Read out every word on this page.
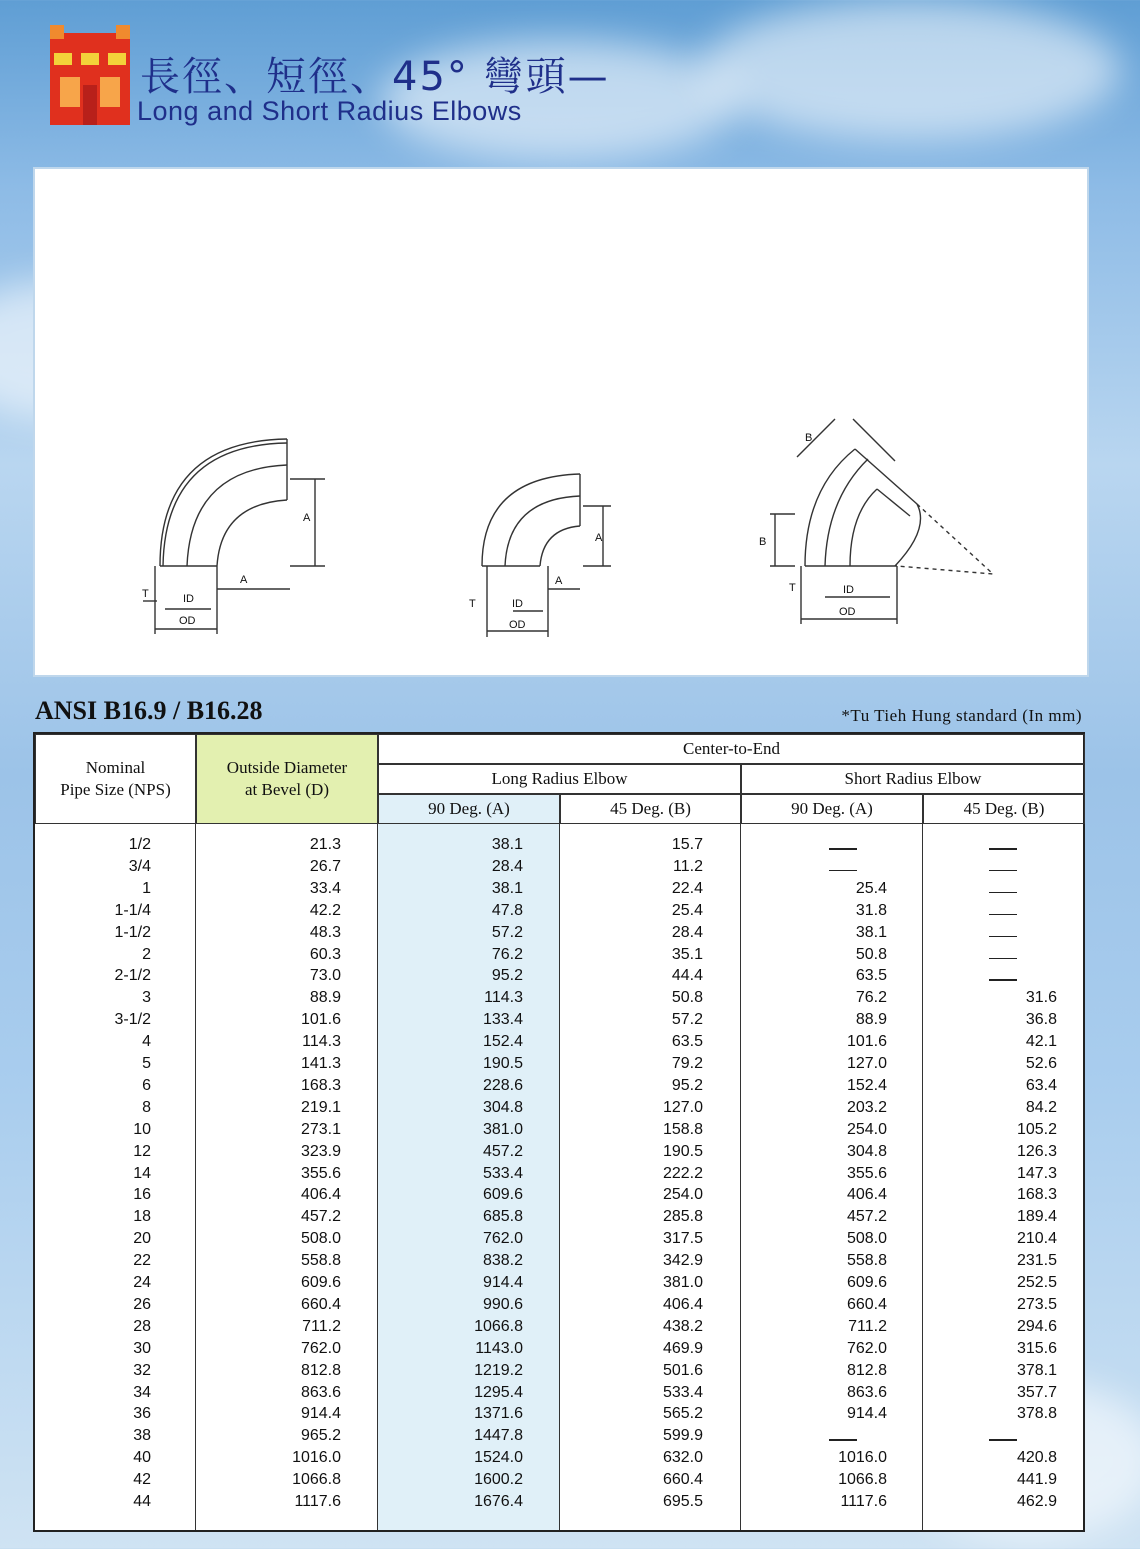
長徑、短徑、45° 彎頭—
Long and Short Radius Elbows
A
A
T	ID
OD
A
A
T	ID
OD
B
B
T	ID
OD
ANSI B16.9 / B16.28	*Tu Tieh Hung standard (In mm)
Nominal
Pipe Size (NPS)
Outside Diameter
at Bevel (D)
Center-to-End
Long Radius Elbow	Short Radius Elbow
90 Deg. (A)	45 Deg. (B)	90 Deg. (A)	45 Deg. (B)
1/2	21.3	38.1	15.7
3/4	26.7	28.4	11.2
1	33.4	38.1	22.4	25.4
1-1/4	42.2	47.8	25.4	31.8
1-1/2	48.3	57.2	28.4	38.1
2	60.3	76.2	35.1	50.8
2-1/2	73.0	95.2	44.4	63.5
3	88.9	114.3	50.8	76.2	31.6
3-1/2	101.6	133.4	57.2	88.9	36.8
4	114.3	152.4	63.5	101.6	42.1
5	141.3	190.5	79.2	127.0	52.6
6	168.3	228.6	95.2	152.4	63.4
8	219.1	304.8	127.0	203.2	84.2
10	273.1	381.0	158.8	254.0	105.2
12	323.9	457.2	190.5	304.8	126.3
14	355.6	533.4	222.2	355.6	147.3
16	406.4	609.6	254.0	406.4	168.3
18	457.2	685.8	285.8	457.2	189.4
20	508.0	762.0	317.5	508.0	210.4
22	558.8	838.2	342.9	558.8	231.5
24	609.6	914.4	381.0	609.6	252.5
26	660.4	990.6	406.4	660.4	273.5
28	711.2	1066.8	438.2	711.2	294.6
30	762.0	1143.0	469.9	762.0	315.6
32	812.8	1219.2	501.6	812.8	378.1
34	863.6	1295.4	533.4	863.6	357.7
36	914.4	1371.6	565.2	914.4	378.8
38	965.2	1447.8	599.9
40	1016.0	1524.0	632.0	1016.0	420.8
42	1066.8	1600.2	660.4	1066.8	441.9
44	1117.6	1676.4	695.5	1117.6	462.9
